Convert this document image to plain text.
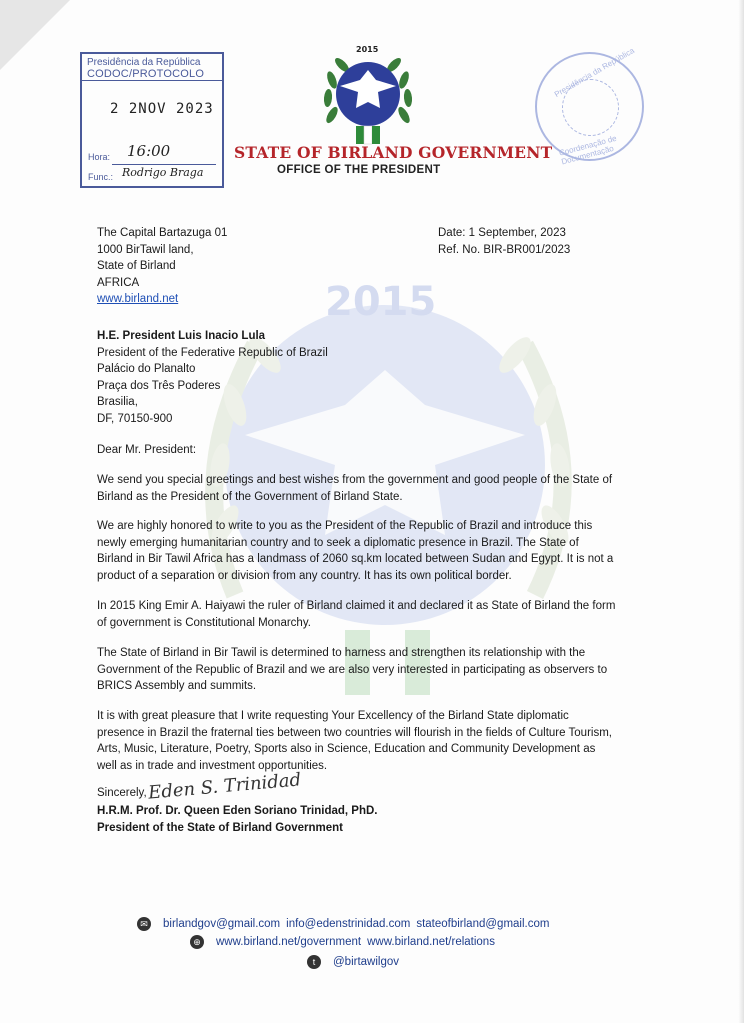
2015
Presidência da República
CODOC/PROTOCOLO
2 2NOV 2023
Hora: 16:00
Func.: Rodrigo Braga
Presidência da República
Coordenação de Documentação
2015
STATE OF BIRLAND GOVERNMENT
OFFICE OF THE PRESIDENT
The Capital Bartazuga 01
1000 BirTawil land,
State of Birland
AFRICA
www.birland.net
Date: 1 September, 2023
Ref. No. BIR-BR001/2023
H.E. President Luis Inacio Lula
President of the Federative Republic of Brazil
Palácio do Planalto
Praça dos Três Poderes
Brasilia,
DF, 70150-900
Dear Mr. President:
We send you special greetings and best wishes from the government and good people of the State of Birland as the President of the Government of Birland State.
We are highly honored to write to you as the President of the Republic of Brazil and introduce this newly emerging humanitarian country and to seek a diplomatic presence in Brazil. The State of Birland in Bir Tawil Africa has a landmass of 2060 sq.km located between Sudan and Egypt. It is not a product of a separation or division from any country. It has its own political border.
In 2015 King Emir A. Haiyawi the ruler of Birland claimed it and declared it as State of Birland the form of government is Constitutional Monarchy.
The State of Birland in Bir Tawil is determined to harness and strengthen its relationship with the Government of the Republic of Brazil and we are also very interested in participating as observers to BRICS Assembly and summits.
It is with great pleasure that I write requesting Your Excellency of the Birland State diplomatic presence in Brazil the fraternal ties between two countries will flourish in the fields of Culture Tourism, Arts, Music, Literature, Poetry, Sports also in Science, Education and Community Development as well as in trade and investment opportunities.
Sincerely, Eden S. Trinidad
H.R.M. Prof. Dr. Queen Eden Soriano Trinidad, PhD.
President of the State of Birland Government
✉ birlandgov@gmail.com info@edenstrinidad.com stateofbirland@gmail.com
⊕ www.birland.net/government www.birland.net/relations
t	@birtawilgov
